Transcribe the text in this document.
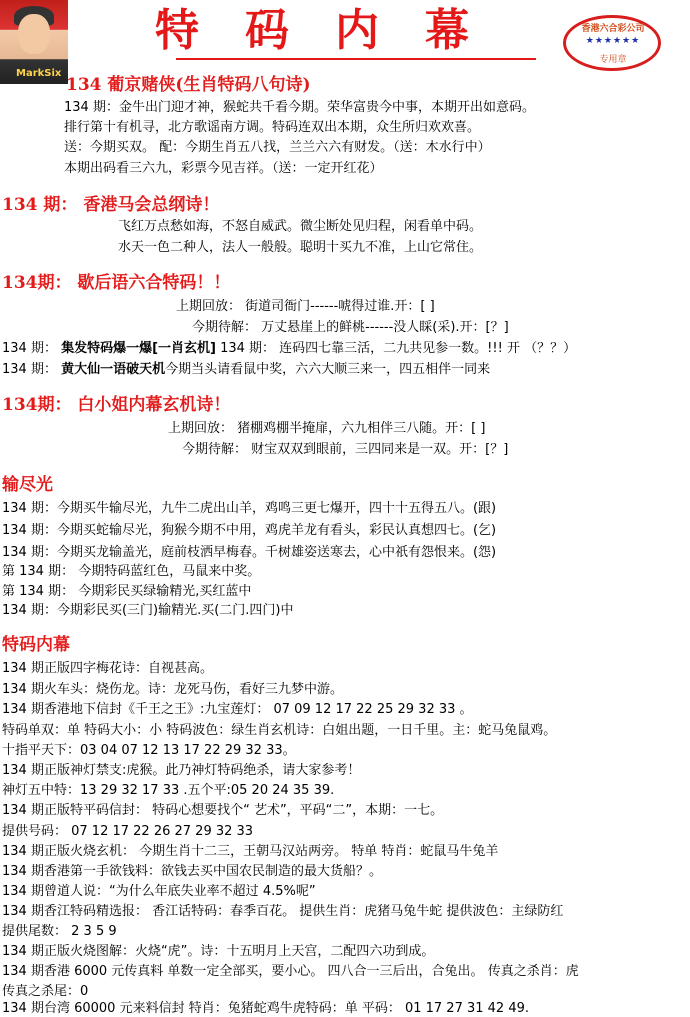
MarkSix
特码内幕	香港六合彩公司
★★★★★★
专用章
134 葡京赌侠(生肖特码八句诗)
134 期：金牛出门迎才神，猴蛇共千看今期。荣华富贵今中事，本期开出如意码。
排行第十有机寻，北方歌谣南方调。特码连双出本期，众生所归欢欢喜。
送：今期买双。 配：今期生肖五八找，兰兰六六有财发。（送：木水行中）
本期出码看三六九，彩票今见吉祥。（送：一定开红花）
134 期： 香港马会总纲诗！
飞红万点愁如海，不怒自威武。微尘断处见归程，闲看单中码。
水天一色二种人，法人一般般。聪明十买九不准，上山它常住。
134期： 歇后语六合特码！！
上期回放： 街道司衙门------唬得过谁.开：[ ]
今期待解： 万丈悬崖上的鲜桃------没人睬(采).开：[？]
134 期： 集发特码爆一爆[一肖玄机] 134 期： 连码四七靠三活，二九共见参一数。!!! 开 （？？）
134 期： 黄大仙一语破天机今期当头请看鼠中奖，六六大顺三来一，四五相伴一同来
134期： 白小姐内幕玄机诗！
上期回放： 猪棚鸡棚半掩扉，六九相伴三八随。开：[ ]
今期待解： 财宝双双到眼前，三四同来是一双。开：[？]
输尽光
134 期：今期买牛输尽光，九牛二虎出山羊，鸡鸣三更七爆开，四十十五得五八。(跟)
134 期：今期买蛇输尽光，狗猴今期不中用，鸡虎羊龙有看头，彩民认真想四七。(乞)
134 期：今期买龙输盖光，庭前枝洒早梅春。千树雄姿送寒去，心中祇有怨恨来。(怨)
第 134 期： 今期特码蓝红色，马鼠来中奖。
第 134 期： 今期彩民买绿输精光,买红蓝中
134 期：今期彩民买(三门)输精光.买(二门.四门)中
特码内幕
134 期正版四字梅花诗：自视甚高。
134 期火车头：烧伤龙。诗：龙死马伤，看好三九梦中游。
134 期香港地下信封《千王之王》:九宝莲灯： 07 09 12 17 22 25 29 32 33 。
特码单双：单 特码大小：小 特码波色：绿生肖玄机诗：白姐出题，一日千里。主：蛇马兔鼠鸡。
十指平天下：03 04 07 12 13 17 22 29 32 33。
134 期正版神灯禁支:虎猴。此乃神灯特码绝杀，请大家参考！
神灯五中特：13 29 32 17 33 .五个平:05 20 24 35 39.
134 期正版特平码信封： 特码心想要找个“ 艺术”，平码“二”，本期：一七。
提供号码： 07 12 17 22 26 27 29 32 33
134 期正版火烧玄机： 今期生肖十二三，王朝马汉站两旁。 特单 特肖：蛇鼠马牛兔羊
134 期香港第一手欲钱料：欲钱去买中国农民制造的最大货船？。
134 期曾道人说：“为什么年底失业率不超过 4.5%呢”
134 期香江特码精选报： 香江话特码：春季百花。 提供生肖：虎猪马兔牛蛇 提供波色：主绿防红
提供尾数： 2 3 5 9
134 期正版火烧图解：火烧“虎”。诗：十五明月上天宫，二配四六功到成。
134 期香港 6000 元传真料 单数一定全部买，要小心。 四八合一三后出，合兔出。 传真之杀肖：虎
传真之杀尾：0
134 期台湾 60000 元来料信封 特肖：兔猪蛇鸡牛虎特码：单 平码： 01 17 27 31 42 49.
